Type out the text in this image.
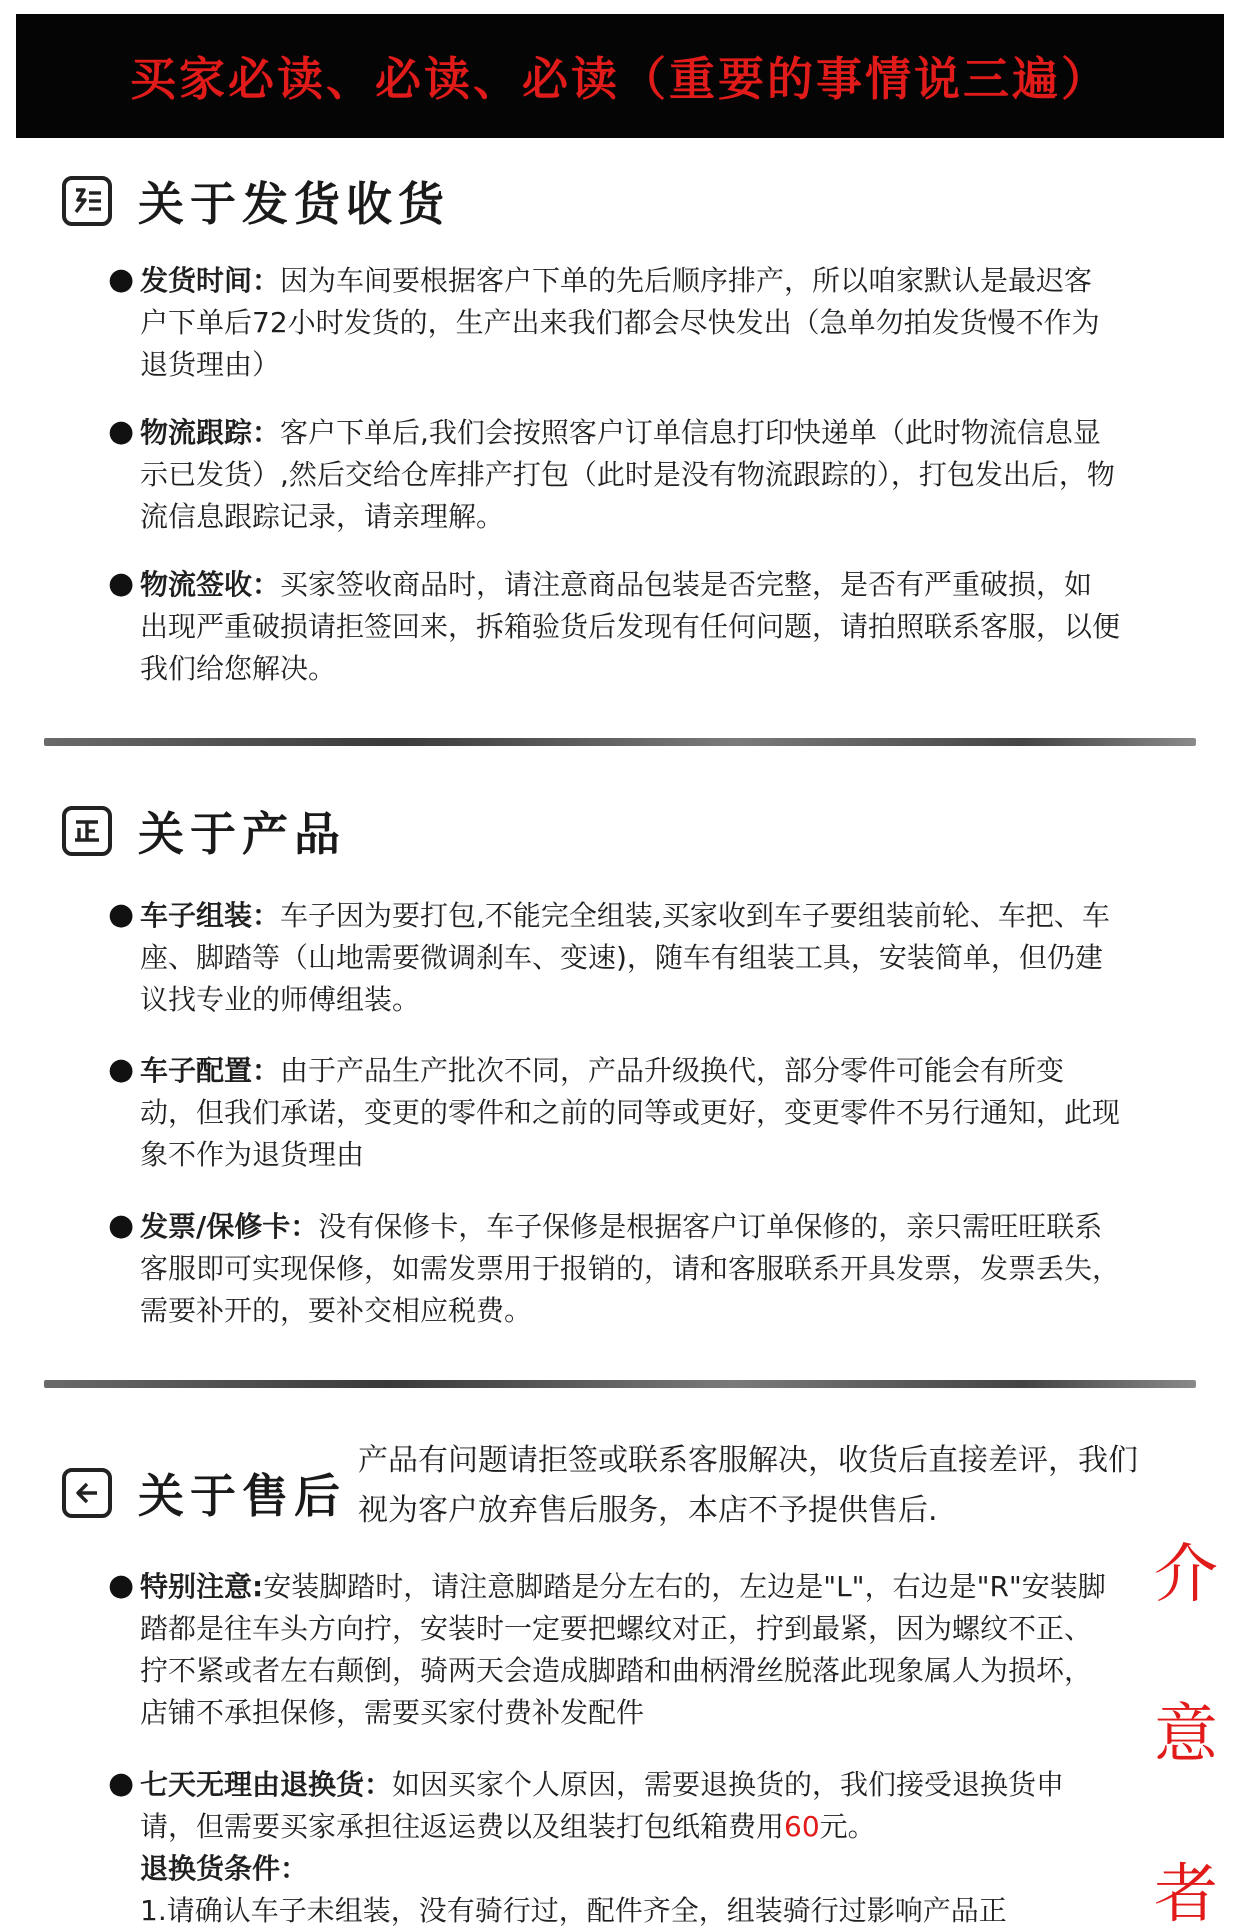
买家必读、必读、必读（重要的事情说三遍）
关于发货收货
● 发货时间：因为车间要根据客户下单的先后顺序排产，所以咱家默认是最迟客户下单后72小时发货的，生产出来我们都会尽快发出（急单勿拍发货慢不作为退货理由）
● 物流跟踪：客户下单后,我们会按照客户订单信息打印快递单（此时物流信息显示已发货）,然后交给仓库排产打包（此时是没有物流跟踪的），打包发出后，物流信息跟踪记录，请亲理解。
● 物流签收：买家签收商品时，请注意商品包装是否完整，是否有严重破损，如出现严重破损请拒签回来，拆箱验货后发现有任何问题，请拍照联系客服，以便我们给您解决。
关于产品
● 车子组装：车子因为要打包,不能完全组装,买家收到车子要组装前轮、车把、车座、脚踏等（山地需要微调刹车、变速)，随车有组装工具，安装简单，但仍建议找专业的师傅组装。
● 车子配置：由于产品生产批次不同，产品升级换代，部分零件可能会有所变动，但我们承诺，变更的零件和之前的同等或更好，变更零件不另行通知，此现象不作为退货理由
● 发票/保修卡：没有保修卡，车子保修是根据客户订单保修的，亲只需旺旺联系客服即可实现保修，如需发票用于报销的，请和客服联系开具发票，发票丢失，需要补开的，要补交相应税费。
关于售后
产品有问题请拒签或联系客服解决，收货后直接差评，我们视为客户放弃售后服务，本店不予提供售后.
● 特别注意:安装脚踏时，请注意脚踏是分左右的，左边是"L"，右边是"R"安装脚踏都是往车头方向拧，安装时一定要把螺纹对正，拧到最紧，因为螺纹不正、拧不紧或者左右颠倒，骑两天会造成脚踏和曲柄滑丝脱落此现象属人为损坏，店铺不承担保修，需要买家付费补发配件
● 七天无理由退换货：如因买家个人原因，需要退换货的，我们接受退换货申请，但需要买家承担往返运费以及组装打包纸箱费用60元。
退换货条件：
1.请确认车子未组装，没有骑行过，配件齐全，组装骑行过影响产品正
介
意
者
